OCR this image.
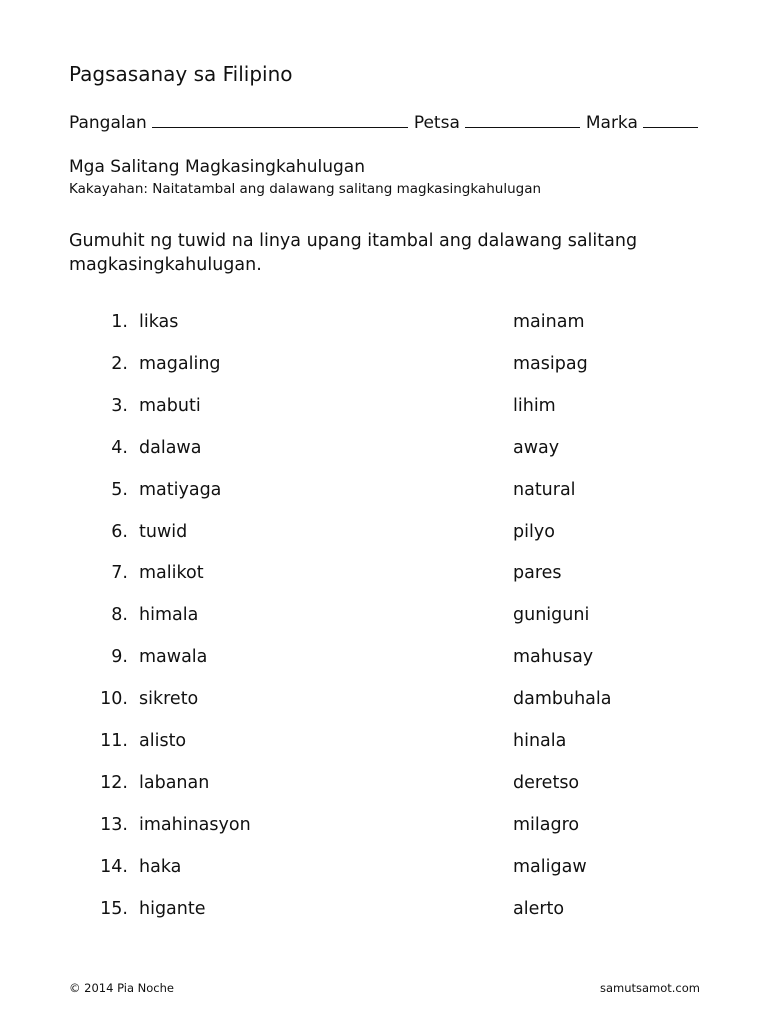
Pagsasanay sa Filipino
Pangalan	Petsa	Marka
Mga Salitang Magkasingkahulugan
Kakayahan: Naitatambal ang dalawang salitang magkasingkahulugan

Gumuhit ng tuwid na linya upang itambal ang dalawang salitang magkasingkahulugan.

1. likas	mainam
2. magaling	masipag
3. mabuti	lihim
4. dalawa	away
5. matiyaga	natural
6. tuwid	pilyo
7. malikot	pares
8. himala	guniguni
9. mawala	mahusay
10. sikreto	dambuhala
11. alisto	hinala
12. labanan	deretso
13. imahinasyon	milagro
14. haka	maligaw
15. higante	alerto
© 2014 Pia Noche	samutsamot.com
